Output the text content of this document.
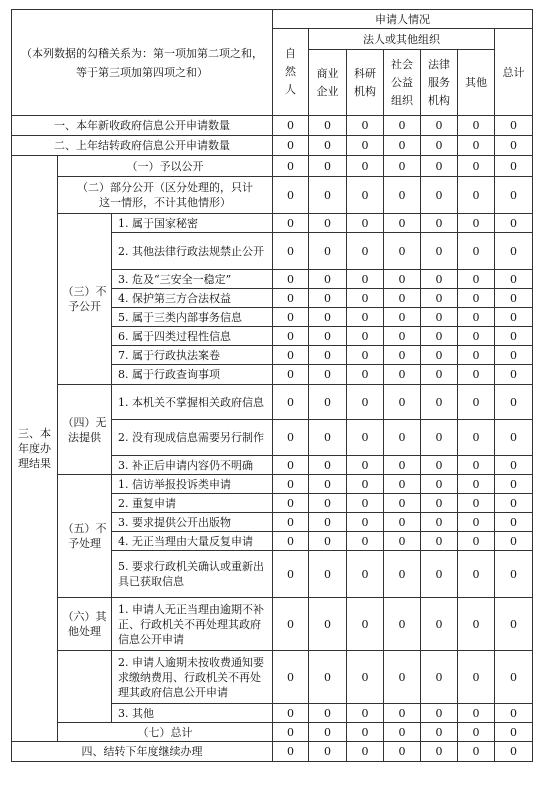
（本列数据的勾稽关系为：第一项加第二项之和，等于第三项加第四项之和）			申请人情况						
			自然人	法人或其他组织					总计
				商业企业	科研机构	社会公益组织	法律服务机构	其他	
一、本年新收政府信息公开申请数量			0	0	0	0	0	0	0
二、上年结转政府信息公开申请数量			0	0	0	0	0	0	0
三、本年度办理结果	（一）予以公开		0	0	0	0	0	0	0
	（二）部分公开（区分处理的，只计这一情形，不计其他情形）		0	0	0	0	0	0	0
	（三）不予公开	1. 属于国家秘密	0	0	0	0	0	0	0
		2. 其他法律行政法规禁止公开	0	0	0	0	0	0	0
		3. 危及“三安全一稳定”	0	0	0	0	0	0	0
		4. 保护第三方合法权益	0	0	0	0	0	0	0
		5. 属于三类内部事务信息	0	0	0	0	0	0	0
		6. 属于四类过程性信息	0	0	0	0	0	0	0
		7. 属于行政执法案卷	0	0	0	0	0	0	0
		8. 属于行政查询事项	0	0	0	0	0	0	0
	（四）无法提供	1. 本机关不掌握相关政府信息	0	0	0	0	0	0	0
		2. 没有现成信息需要另行制作	0	0	0	0	0	0	0
		3. 补正后申请内容仍不明确	0	0	0	0	0	0	0
	（五）不予处理	1. 信访举报投诉类申请	0	0	0	0	0	0	0
		2. 重复申请	0	0	0	0	0	0	0
		3. 要求提供公开出版物	0	0	0	0	0	0	0
		4. 无正当理由大量反复申请	0	0	0	0	0	0	0
		5. 要求行政机关确认或重新出具已获取信息	0	0	0	0	0	0	0
	（六）其他处理	1. 申请人无正当理由逾期不补正、行政机关不再处理其政府信息公开申请	0	0	0	0	0	0	0
		2. 申请人逾期未按收费通知要求缴纳费用、行政机关不再处理其政府信息公开申请	0	0	0	0	0	0	0
		3. 其他	0	0	0	0	0	0	0
	（七）总计		0	0	0	0	0	0	0
四、结转下年度继续办理			0	0	0	0	0	0	0
